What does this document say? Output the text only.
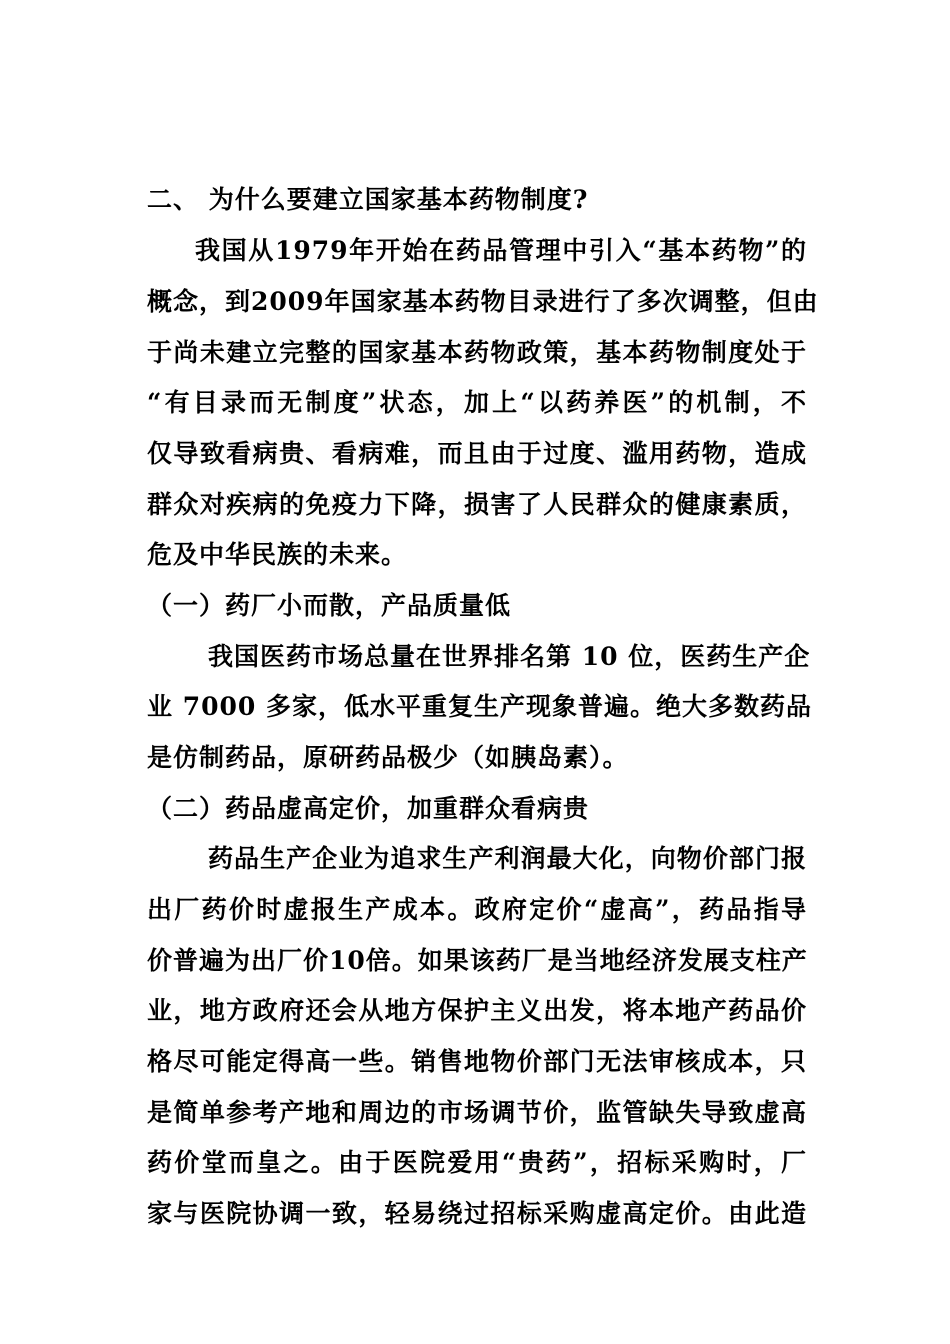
二、 为什么要建立国家基本药物制度?
我国从1979年开始在药品管理中引入“基本药物”的
概念，到2009年国家基本药物目录进行了多次调整，但由
于尚未建立完整的国家基本药物政策，基本药物制度处于
“有目录而无制度”状态，加上“以药养医”的机制，不
仅导致看病贵、看病难，而且由于过度、滥用药物，造成
群众对疾病的免疫力下降，损害了人民群众的健康素质，
危及中华民族的未来。
（一）药厂小而散，产品质量低
我国医药市场总量在世界排名第 10 位，医药生产企
业 7000 多家，低水平重复生产现象普遍。绝大多数药品
是仿制药品，原研药品极少（如胰岛素）。
（二）药品虚高定价，加重群众看病贵
药品生产企业为追求生产利润最大化，向物价部门报
出厂药价时虚报生产成本。政府定价“虚高”，药品指导
价普遍为出厂价10倍。如果该药厂是当地经济发展支柱产
业，地方政府还会从地方保护主义出发，将本地产药品价
格尽可能定得高一些。销售地物价部门无法审核成本，只
是简单参考产地和周边的市场调节价，监管缺失导致虚高
药价堂而皇之。由于医院爱用“贵药”，招标采购时，厂
家与医院协调一致，轻易绕过招标采购虚高定价。由此造
